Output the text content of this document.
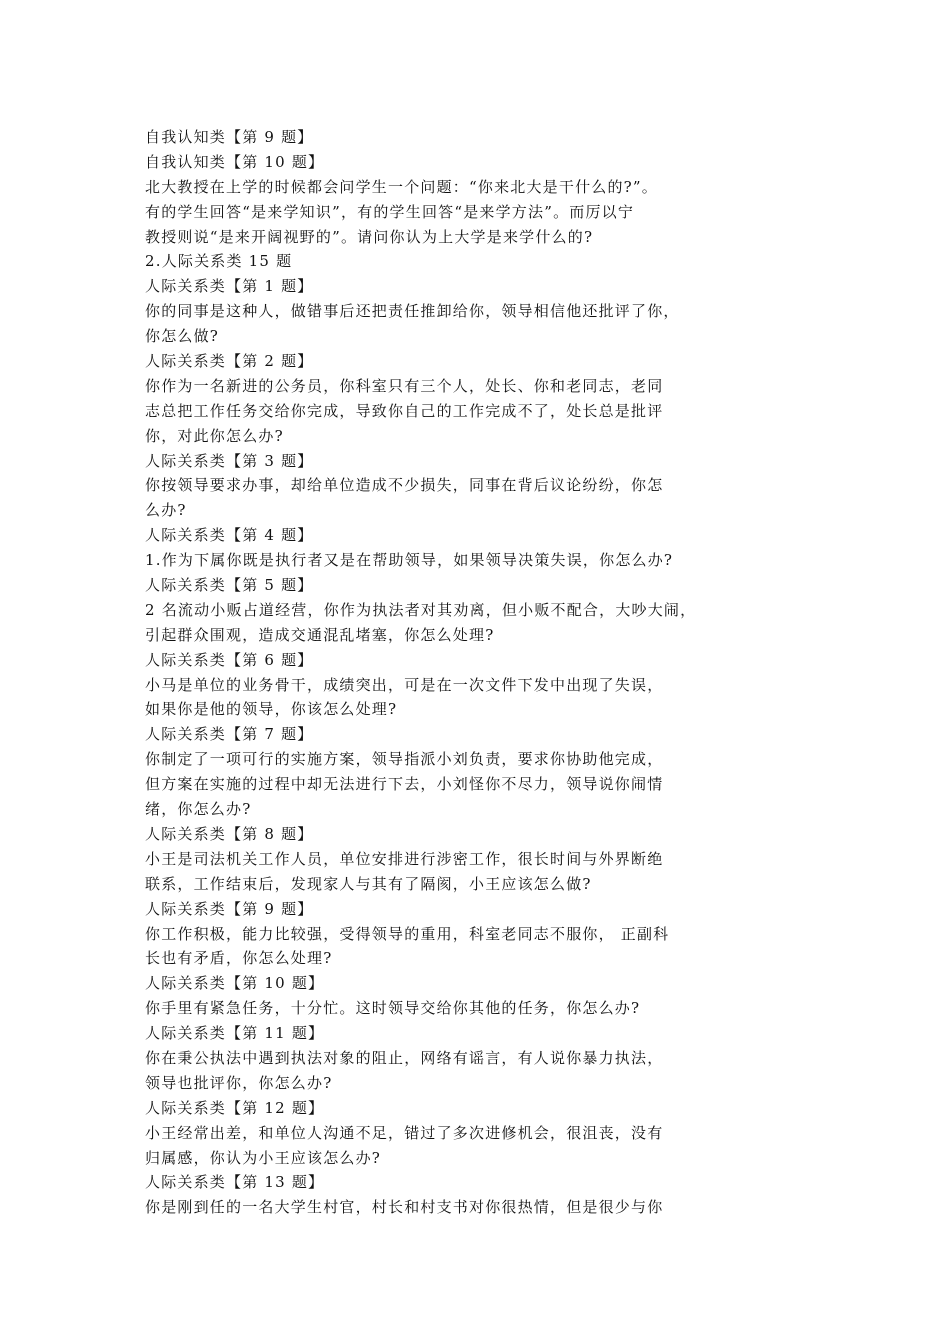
自我认知类【第 9 题】
自我认知类【第 10 题】
北大教授在上学的时候都会问学生一个问题：“你来北大是干什么的?”。
有的学生回答“是来学知识”，有的学生回答“是来学方法”。而厉以宁
教授则说“是来开阔视野的”。请问你认为上大学是来学什么的?
2.人际关系类 15 题
人际关系类【第 1 题】
你的同事是这种人，做错事后还把责任推卸给你，领导相信他还批评了你，
你怎么做?
人际关系类【第 2 题】
你作为一名新进的公务员，你科室只有三个人，处长、你和老同志，老同
志总把工作任务交给你完成，导致你自己的工作完成不了，处长总是批评
你，对此你怎么办?
人际关系类【第 3 题】
你按领导要求办事，却给单位造成不少损失，同事在背后议论纷纷，你怎
么办?
人际关系类【第 4 题】
1.作为下属你既是执行者又是在帮助领导，如果领导决策失误，你怎么办?
人际关系类【第 5 题】
2 名流动小贩占道经营，你作为执法者对其劝离，但小贩不配合，大吵大闹，
引起群众围观，造成交通混乱堵塞，你怎么处理?
人际关系类【第 6 题】
小马是单位的业务骨干，成绩突出，可是在一次文件下发中出现了失误，
如果你是他的领导，你该怎么处理?
人际关系类【第 7 题】
你制定了一项可行的实施方案，领导指派小刘负责，要求你协助他完成，
但方案在实施的过程中却无法进行下去，小刘怪你不尽力，领导说你闹情
绪，你怎么办?
人际关系类【第 8 题】
小王是司法机关工作人员，单位安排进行涉密工作，很长时间与外界断绝
联系，工作结束后，发现家人与其有了隔阂，小王应该怎么做?
人际关系类【第 9 题】
你工作积极，能力比较强，受得领导的重用，科室老同志不服你， 正副科
长也有矛盾，你怎么处理?
人际关系类【第 10 题】
你手里有紧急任务，十分忙。这时领导交给你其他的任务，你怎么办?
人际关系类【第 11 题】
你在秉公执法中遇到执法对象的阻止，网络有谣言，有人说你暴力执法，
领导也批评你，你怎么办?
人际关系类【第 12 题】
小王经常出差，和单位人沟通不足，错过了多次进修机会，很沮丧，没有
归属感，你认为小王应该怎么办?
人际关系类【第 13 题】
你是刚到任的一名大学生村官，村长和村支书对你很热情，但是很少与你
